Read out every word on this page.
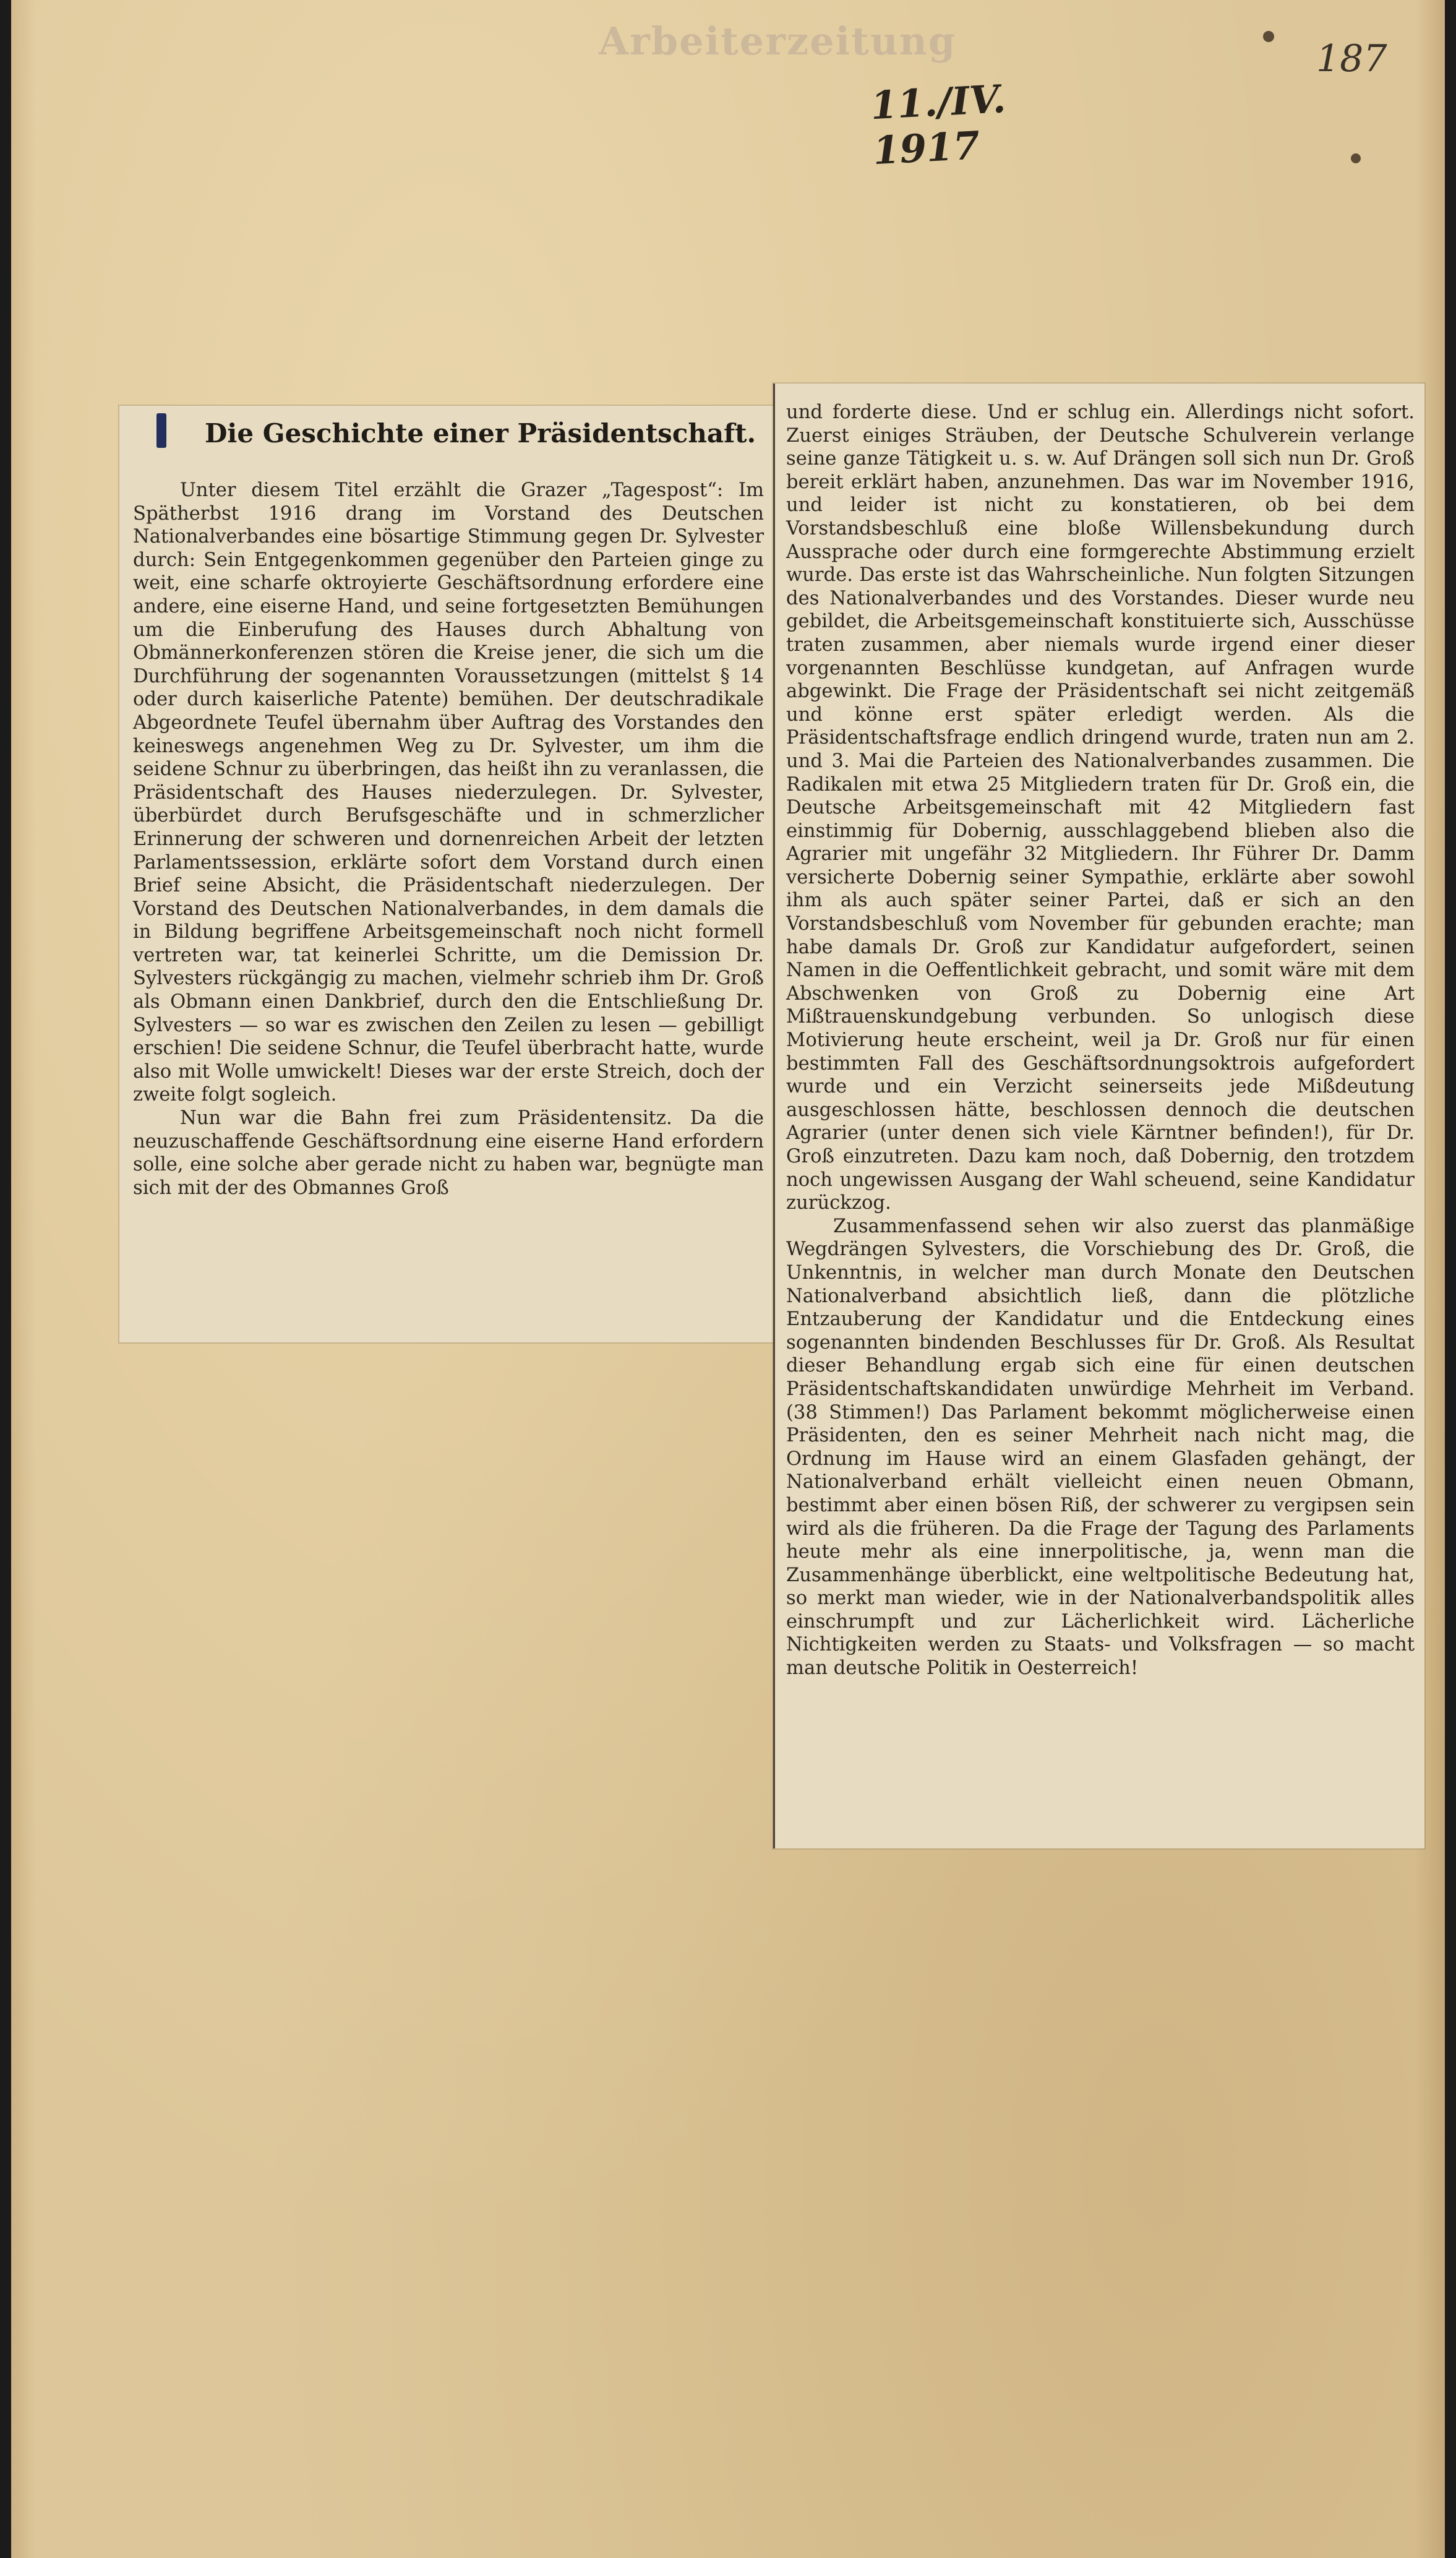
Arbeiterzeitung
11./IV. 1917
187
Die Geschichte einer Präsidentschaft.

Unter diesem Titel erzählt die Grazer „Tagespost“: Im Spätherbst 1916 drang im Vorstand des Deutschen Nationalverbandes eine bösartige Stimmung gegen Dr. Sylvester durch: Sein Entgegenkommen gegenüber den Parteien ginge zu weit, eine scharfe oktroyierte Geschäftsordnung erfordere eine andere, eine eiserne Hand, und seine fortgesetzten Bemühungen um die Einberufung des Hauses durch Abhaltung von Obmännerkonferenzen stören die Kreise jener, die sich um die Durchführung der sogenannten Voraussetzungen (mittelst § 14 oder durch kaiserliche Patente) bemühen. Der deutschradikale Abgeordnete Teufel übernahm über Auftrag des Vorstandes den keineswegs angenehmen Weg zu Dr. Sylvester, um ihm die seidene Schnur zu überbringen, das heißt ihn zu veranlassen, die Präsidentschaft des Hauses niederzulegen. Dr. Sylvester, überbürdet durch Berufsgeschäfte und in schmerzlicher Erinnerung der schweren und dornenreichen Arbeit der letzten Parlamentssession, erklärte sofort dem Vorstand durch einen Brief seine Absicht, die Präsidentschaft niederzulegen. Der Vorstand des Deutschen Nationalverbandes, in dem damals die in Bildung begriffene Arbeitsgemeinschaft noch nicht formell vertreten war, tat keinerlei Schritte, um die Demission Dr. Sylvesters rückgängig zu machen, vielmehr schrieb ihm Dr. Groß als Obmann einen Dankbrief, durch den die Entschließung Dr. Sylvesters — so war es zwischen den Zeilen zu lesen — gebilligt erschien! Die seidene Schnur, die Teufel überbracht hatte, wurde also mit Wolle umwickelt! Dieses war der erste Streich, doch der zweite folgt sogleich.

Nun war die Bahn frei zum Präsidentensitz. Da die neuzuschaffende Geschäftsordnung eine eiserne Hand erfordern solle, eine solche aber gerade nicht zu haben war, begnügte man sich mit der des Obmannes Groß

und forderte diese. Und er schlug ein. Allerdings nicht sofort. Zuerst einiges Sträuben, der Deutsche Schulverein verlange seine ganze Tätigkeit u. s. w. Auf Drängen soll sich nun Dr. Groß bereit erklärt haben, anzunehmen. Das war im November 1916, und leider ist nicht zu konstatieren, ob bei dem Vorstandsbeschluß eine bloße Willensbekundung durch Aussprache oder durch eine formgerechte Abstimmung erzielt wurde. Das erste ist das Wahrscheinliche. Nun folgten Sitzungen des Nationalverbandes und des Vorstandes. Dieser wurde neu gebildet, die Arbeitsgemeinschaft konstituierte sich, Ausschüsse traten zusammen, aber niemals wurde irgend einer dieser vorgenannten Beschlüsse kundgetan, auf Anfragen wurde abgewinkt. Die Frage der Präsidentschaft sei nicht zeitgemäß und könne erst später erledigt werden. Als die Präsidentschaftsfrage endlich dringend wurde, traten nun am 2. und 3. Mai die Parteien des Nationalverbandes zusammen. Die Radikalen mit etwa 25 Mitgliedern traten für Dr. Groß ein, die Deutsche Arbeitsgemeinschaft mit 42 Mitgliedern fast einstimmig für Dobernig, ausschlaggebend blieben also die Agrarier mit ungefähr 32 Mitgliedern. Ihr Führer Dr. Damm versicherte Dobernig seiner Sympathie, erklärte aber sowohl ihm als auch später seiner Partei, daß er sich an den Vorstandsbeschluß vom November für gebunden erachte; man habe damals Dr. Groß zur Kandidatur aufgefordert, seinen Namen in die Oeffentlichkeit gebracht, und somit wäre mit dem Abschwenken von Groß zu Dobernig eine Art Mißtrauenskundgebung verbunden. So unlogisch diese Motivierung heute erscheint, weil ja Dr. Groß nur für einen bestimmten Fall des Geschäftsordnungsoktrois aufgefordert wurde und ein Verzicht seinerseits jede Mißdeutung ausgeschlossen hätte, beschlossen dennoch die deutschen Agrarier (unter denen sich viele Kärntner befinden!), für Dr. Groß einzutreten. Dazu kam noch, daß Dobernig, den trotzdem noch ungewissen Ausgang der Wahl scheuend, seine Kandidatur zurückzog.

Zusammenfassend sehen wir also zuerst das planmäßige Wegdrängen Sylvesters, die Vorschiebung des Dr. Groß, die Unkenntnis, in welcher man durch Monate den Deutschen Nationalverband absichtlich ließ, dann die plötzliche Entzauberung der Kandidatur und die Entdeckung eines sogenannten bindenden Beschlusses für Dr. Groß. Als Resultat dieser Behandlung ergab sich eine für einen deutschen Präsidentschaftskandidaten unwürdige Mehrheit im Verband. (38 Stimmen!) Das Parlament bekommt möglicherweise einen Präsidenten, den es seiner Mehrheit nach nicht mag, die Ordnung im Hause wird an einem Glasfaden gehängt, der Nationalverband erhält vielleicht einen neuen Obmann, bestimmt aber einen bösen Riß, der schwerer zu vergipsen sein wird als die früheren. Da die Frage der Tagung des Parlaments heute mehr als eine innerpolitische, ja, wenn man die Zusammenhänge überblickt, eine weltpolitische Bedeutung hat, so merkt man wieder, wie in der Nationalverbandspolitik alles einschrumpft und zur Lächerlichkeit wird. Lächerliche Nichtigkeiten werden zu Staats- und Volksfragen — so macht man deutsche Politik in Oesterreich!
